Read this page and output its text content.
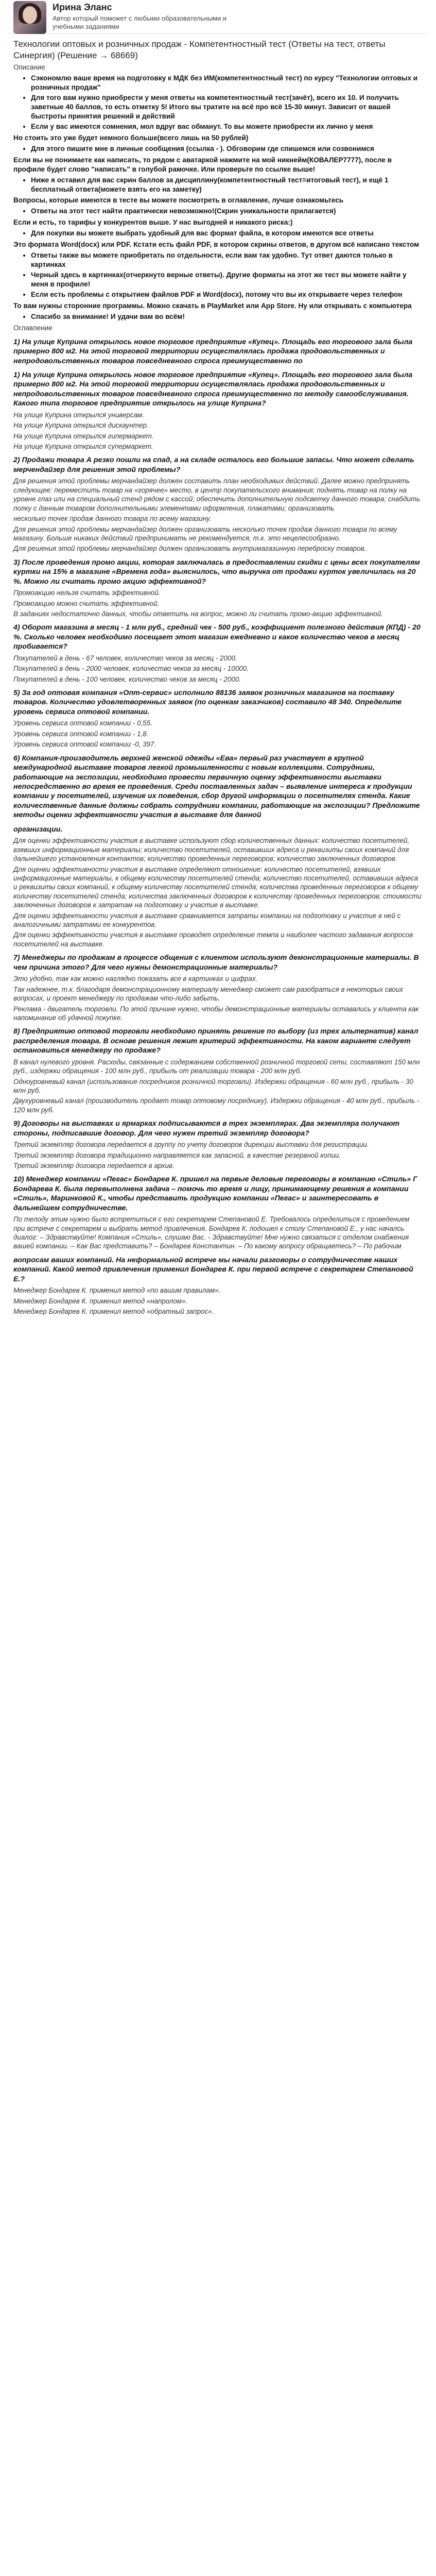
Ирина Эланс
Автор который поможет с любыми образовательными и учебными заданиями
Технологии оптовых и розничных продаж - Компетентностный тест (Ответы на тест, ответы Синергия) (Решение → 68669)
Описание
• Сэкономлю ваше время на подготовку к МДК без ИМ(компетентностный тест) по курсу "Технологии оптовых и розничных продаж"
• Для того вам нужно приобрести у меня ответы на компетентностный тест(зачёт), всего их 10. И получить заветные 40 баллов, то есть отметку 5! Итого вы тратите на всё про всё 15-30 минут. Зависит от вашей быстроты принятия решений и действий
• Если у вас имеются сомнения, мол вдруг вас обманут. То вы можете приобрести их лично у меня

Но стоить это уже будет немного больше(всего лишь на 50 рублей)

• Для этого пишите мне в личные сообщения (ссылка - ). Обговорим где спишемся или созвонимся

Если вы не понимаете как написать, то рядом с аватаркой нажмите на мой никнейм(КОВАЛЕР7777), после в профиле будет слово "написать" в голубой рамочке. Или проверьте по ссылке выше!

• Ниже я оставил для вас скрин баллов за дисциплину(компетентностный тест=итоговый тест), и ещё 1 бесплатный ответа(можете взять его на заметку)

Вопросы, которые имеются в тесте вы можете посмотреть в оглавление, лучше ознакомьтесь

• Ответы на этот тест найти практически невозможно!(Скрин уникальности прилагается)

Если и есть, то тарифы у конкурентов выше. У нас выгодней и никакого риска:)

• Для покупки вы можете выбрать удобный для вас формат файла, в котором имеются все ответы

Это формата Word(docx) или PDF. Кстати есть файл PDF, в котором скрины ответов, в другом всё написано текстом

• Ответы также вы можете приобретать по отдельности, если вам так удобно. Тут ответ даются только в картинках
• Черный здесь в картинках(отчеркнуто верные ответы). Другие форматы на этот же тест вы можете найти у меня в профиле!
• Если есть проблемы с открытием файлов PDF и Word(docx), потому что вы их открываете через телефон

То вам нужны сторонние программы. Можно скачать в PlayMarket или App Store. Ну или открывать с компьютера

• Спасибо за внимание! И удачи вам во всём!
Оглавление
1) На улице Куприна открылось новое торговое предприятие «Купец». Площадь его торгового зала была примерно 800 м2. На этой торговой территории осуществлялась продажа продовольственных и непродовольственных товаров повседневного спроса преимущественно по
1) На улице Куприна открылось новое торговое предприятие «Купец». Площадь его торгового зала была примерно 800 м2. На этой торговой территории осуществлялась продажа продовольственных и непродовольственных товаров повседневного спроса преимущественно по методу самообслуживания. Какого типа торговое предприятие открылось на улице Куприна?
На улице Куприна открылся универсам.
На улице Куприна открылся дискаунтер.
На улице Куприна открылся гипермаркет.
На улице Куприна открылся супермаркет.
2) Продажи товара А резко пошли на спад, а на складе осталось его большие запасы. Что может сделать мерчендайзер для решения этой проблемы?
Для решения этой проблемы мерчандайзер должен составить план необходимых действий. Далее можно предпринять следующее: переместить товар на «горячее» место, в центр покупательского внимания; поднять товар на полку на уровне глаз или на специальный стенд рядом с кассой; обеспечить дополнительную подсветку данного товара; снабдить полку с данным товаром дополнительными элементами оформления, плакатами; организовать
несколько точек продаж данного товара по всему магазину.
Для решения этой проблемы мерчандайзер должен организовать несколько точек продаж данного товара по всему магазину. Больше никаких действий предпринимать не рекомендуется, т.к. это нецелесообразно.
Для решения этой проблемы мерчандайзер должен организовать внутримагазинную переброску товаров.
3) После проведения промо акции, которая заключалась в предоставлении скидки с цены всех покупателям куртки на 15% в магазине «Времена года» выяснилось, что выручка от продажи курток увеличилась на 20 %. Можно ли считать промо акцию эффективной?
Промоакцию нельзя считать эффективной.
Промоакцию можно считать эффективной.
В заданиях недостаточно данных, чтобы ответить на вопрос, можно ли считать промо-акцию эффективной.
4) Оборот магазина в месяц - 1 млн руб., средний чек - 500 руб., коэффициент полезного действия (КПД) - 20 %. Сколько человек необходимо посещает этот магазин ежедневно и какое количество чеков в месяц пробивается?
Покупателей в день - 67 человек, количество чеков за месяц - 2000.
Покупателей в день - 2000 человек, количество чеков за месяц - 10000.
Покупателей в день - 100 человек, количество чеков за месяц - 2000.
5) За год оптовая компания «Опт-сервис» исполнило 88136 заявок розничных магазинов на поставку товаров. Количество удовлетворенных заявок (по оценкам заказчиков) составило 48 340. Определите уровень сервиса оптовой компании.
Уровень сервиса оптовой компании - 0,55.
Уровень сервиса оптовой компании - 1,8.
Уровень сервиса оптовой компании -0, 397.
6) Компания-производитель верхней женской одежды «Ева» первый раз участвует в крупной международной выставке товаров легкой промышленности с новым коллекциям. Сотрудники, работающие на экспозиции, необходимо провести первичную оценку эффективности выставки непосредственно во время ее проведения. Среди поставленных задач – выявление интереса к продукции компании у посетителей, изучение их поведения, сбор другой информации о посетителях стенда. Какие количественные данные должны собрать сотрудники компании, работающие на экспозиции? Предложите методы оценки эффективности участия в выставке для данной
организации.
Для оценки эффективности участия в выставке используют сбор количественных данных: количество посетителей, взявших информационные материалы; количество посетителей, оставивших адреса и реквизиты своих компаний для дальнейшего установления контактов; количество проведенных переговоров; количество заключенных договоров.
Для оценки эффективности участия в выставке определяют отношение: количество посетителей, взявших информационные материалы, к общему количеству посетителей стенда; количество посетителей, оставивших адреса и реквизиты своих компаний, к общему количеству посетителей стенда; количества проведенных переговоров к общему количеству посетителей стенда; количества заключенных договоров к количеству проведенных переговоров; стоимости заключенных договоров к затратам на подготовку и участие в выставке.
Для оценки эффективности участия в выставке сравнивается затраты компании на подготовку и участие в ней с аналогичными затратами ее конкурентов.
Для оценки эффективности участия в выставке проводят определение темпа и наиболее частого задавания вопросов посетителей на выставке.
7) Менеджеры по продажам в процессе общения с клиентом используют демонстрационные материалы. В чем причина этого? Для чего нужны демонстрационные материалы?
Это удобно, так как можно наглядно показать все в картинках и цифрах.
Так надежнее, т.к. благодаря демонстрационному материалу менеджер сможет сам разобраться в некоторых своих вопросах, и проект менеджеру по продажам что-либо забыть.
Реклама - двигатель торговли. По этой причине нужно, чтобы демонстрационные материалы оставались у клиента как напоминание об удачной покупке.
8) Предприятию оптовой торговли необходимо принять решение по выбору (из трех альтернатив) канал распределения товара. В основе решения лежит критерий эффективности. На каком варианте следует остановиться менеджеру по продаже?
В канал нулевого уровня. Расходы, связанные с содержанием собственной розничной торговой сети, составляют 150 млн руб., издержки обращения - 100 млн руб., прибыль от реализации товара - 200 млн руб.
Одноуровневый канал (использование посредников розничной торговли). Издержки обращения - 60 млн руб., прибыль - 30 млн руб.
Двухуровневый канал (производитель продает товар оптовому посреднику). Издержки обращения - 40 млн руб., прибыль - 120 млн руб.
9) Договоры на выставках и ярмарках подписываются в трех экземплярах. Два экземпляра получают стороны, подписавшие договор. Для чего нужен третий экземпляр договора?
Третий экземпляр договора передается в группу по учету договоров дирекции выставки для регистрации.
Третий экземпляр договора традиционно направляется как запасной, в качестве резервной копии.
Третий экземпляр договора передается в архив.
10) Менеджер компании «Пегас» Бондарев К. пришел на первые деловые переговоры в компанию «Стиль» Г Бондарева К. была перевыполнена задача – помочь то время и лицу, принимающему решения в компании «Стиль», Маринковой К., чтобы представить продукцию компании «Пегас» и заинтересовать в дальнейшем сотрудничестве.
По телоду этим нужно было встретиться с его секретарем Степановой Е. Требовалось определиться с проведением при встрече с секретарем и выбрать метод привлечения. Бондарев К. подошел к столу Степановой Е., у нас началсь диалог: – Здравствуйте! Компания «Стиль», слушаю Вас. - Здравствуйте! Мне нужно связаться с отделом снабжения вашей компании. – Как Вас представить? – Бондарев Константин. – По какому вопросу обращаетесь? – По рабочим
вопросам ваших компаний. На неформальной встрече мы начали разговоры о сотрудничестве наших компаний. Какой метод привлечения применил Бондарев К. при первой встрече с секретарем Степановой Е.?
Менеджер Бондарев К. применил метод «по вашим правилам».
Менеджер Бондарев К. применил метод «напролом».
Менеджер Бондарев К. применил метод «обратный запрос».
